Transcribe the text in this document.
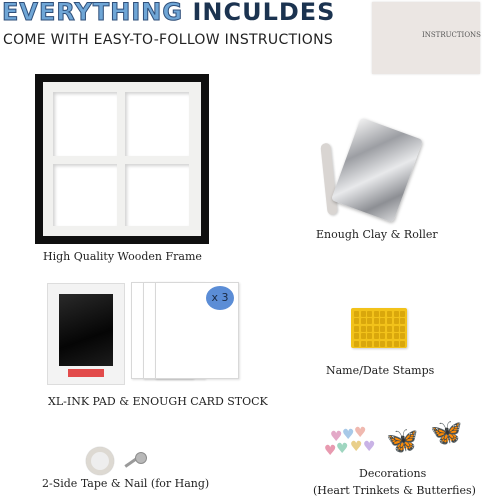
EVERYTHING INCULDES
COME WITH EASY-TO-FOLLOW INSTRUCTIONS	INSTRUCTIONS
High Quality Wooden Frame
Enough Clay & Roller
x 3
XL-INK PAD & ENOUGH CARD STOCK
Name/Date Stamps
2-Side Tape & Nail (for Hang)
♥ ♥ ♥
♥ ♥ ♥
♥ 🦋 🦋
Decorations
(Heart Trinkets & Butterfies)
